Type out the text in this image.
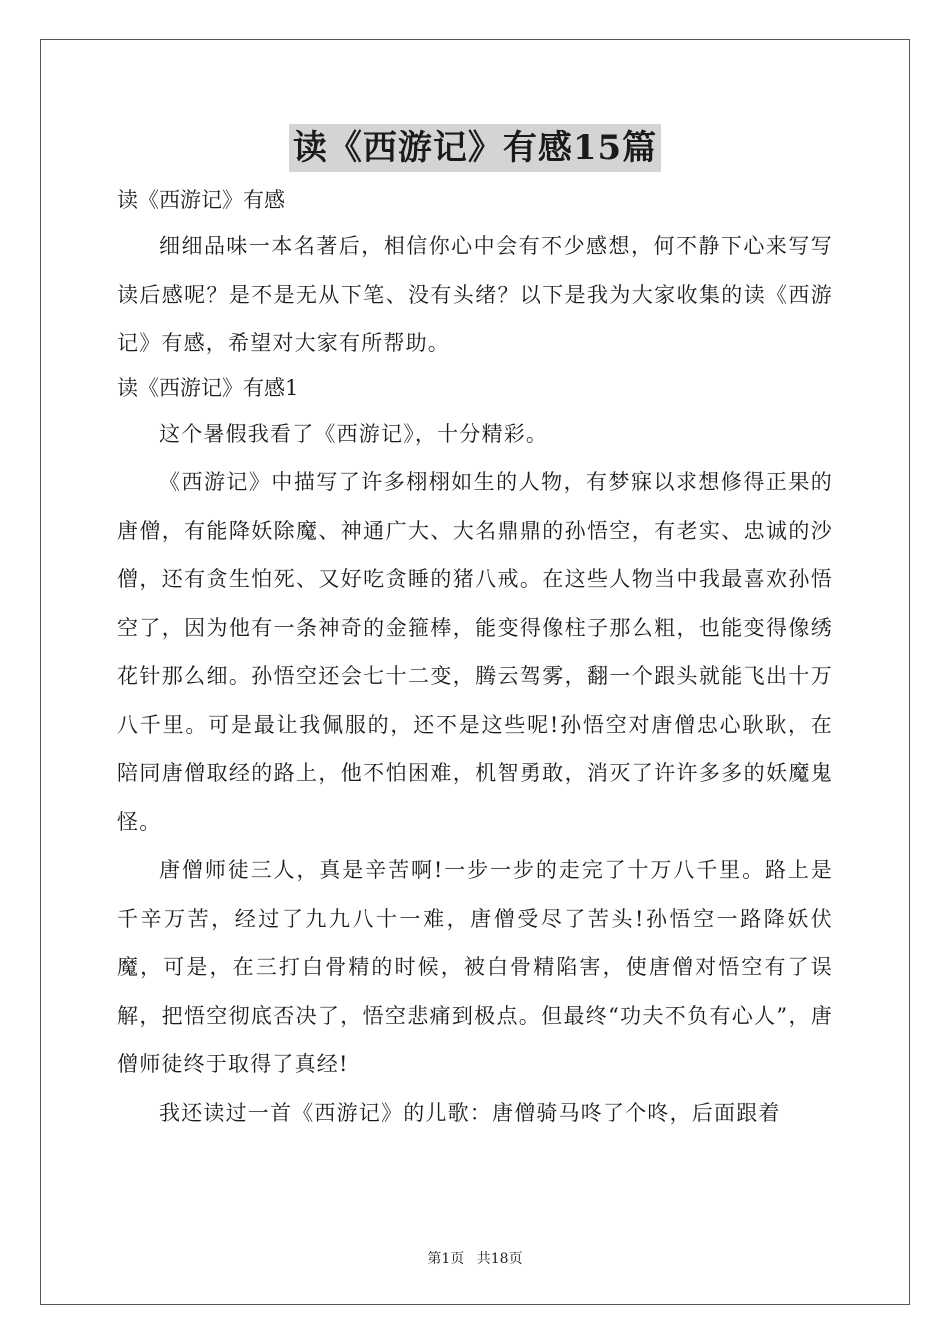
读《西游记》有感15篇

读《西游记》有感

细细品味一本名著后，相信你心中会有不少感想，何不静下心来写写读后感呢？是不是无从下笔、没有头绪？以下是我为大家收集的读《西游记》有感，希望对大家有所帮助。

读《西游记》有感1

这个暑假我看了《西游记》，十分精彩。

《西游记》中描写了许多栩栩如生的人物，有梦寐以求想修得正果的唐僧，有能降妖除魔、神通广大、大名鼎鼎的孙悟空，有老实、忠诚的沙僧，还有贪生怕死、又好吃贪睡的猪八戒。在这些人物当中我最喜欢孙悟空了，因为他有一条神奇的金箍棒，能变得像柱子那么粗，也能变得像绣花针那么细。孙悟空还会七十二变，腾云驾雾，翻一个跟头就能飞出十万八千里。可是最让我佩服的，还不是这些呢!孙悟空对唐僧忠心耿耿，在陪同唐僧取经的路上，他不怕困难，机智勇敢，消灭了许许多多的妖魔鬼怪。

唐僧师徒三人，真是辛苦啊!一步一步的走完了十万八千里。路上是千辛万苦，经过了九九八十一难，唐僧受尽了苦头!孙悟空一路降妖伏魔，可是，在三打白骨精的时候，被白骨精陷害，使唐僧对悟空有了误解，把悟空彻底否决了，悟空悲痛到极点。但最终“功夫不负有心人”，唐僧师徒终于取得了真经!

我还读过一首《西游记》的儿歌：唐僧骑马咚了个咚，后面跟着

第1页 共18页
